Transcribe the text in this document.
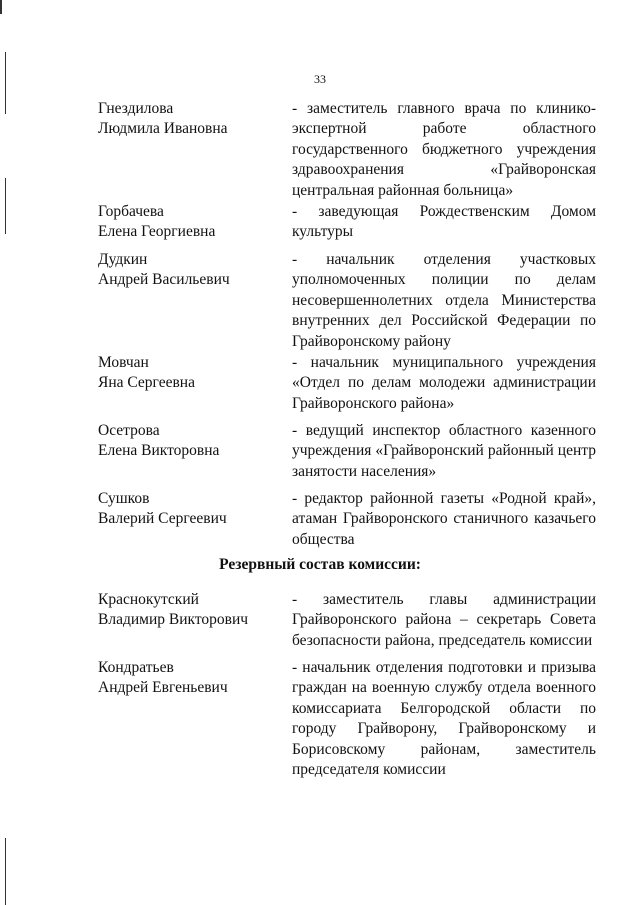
33
Гнездилова
Людмила Ивановна
- заместитель главного врача по клинико-экспертной работе областного государственного бюджетного учреждения здравоохранения «Грайворонская центральная районная больница»
Горбачева
Елена Георгиевна
- заведующая Рождественским Домом культуры
Дудкин
Андрей Васильевич
- начальник отделения участковых уполномоченных полиции по делам несовершеннолетних отдела Министерства внутренних дел Российской Федерации по Грайворонскому району
Мовчан
Яна Сергеевна
- начальник муниципального учреждения «Отдел по делам молодежи администрации Грайворонского района»
Осетрова
Елена Викторовна
- ведущий инспектор областного казенного учреждения «Грайворонский районный центр занятости населения»
Сушков
Валерий Сергеевич
- редактор районной газеты «Родной край», атаман Грайворонского станичного казачьего общества
Резервный состав комиссии:
Краснокутский
Владимир Викторович
- заместитель главы администрации Грайворонского района – секретарь Совета безопасности района, председатель комиссии
Кондратьев
Андрей Евгеньевич
- начальник отделения подготовки и призыва граждан на военную службу отдела военного комиссариата Белгородской области по городу Грайворону, Грайворонскому и Борисовскому районам, заместитель председателя комиссии
